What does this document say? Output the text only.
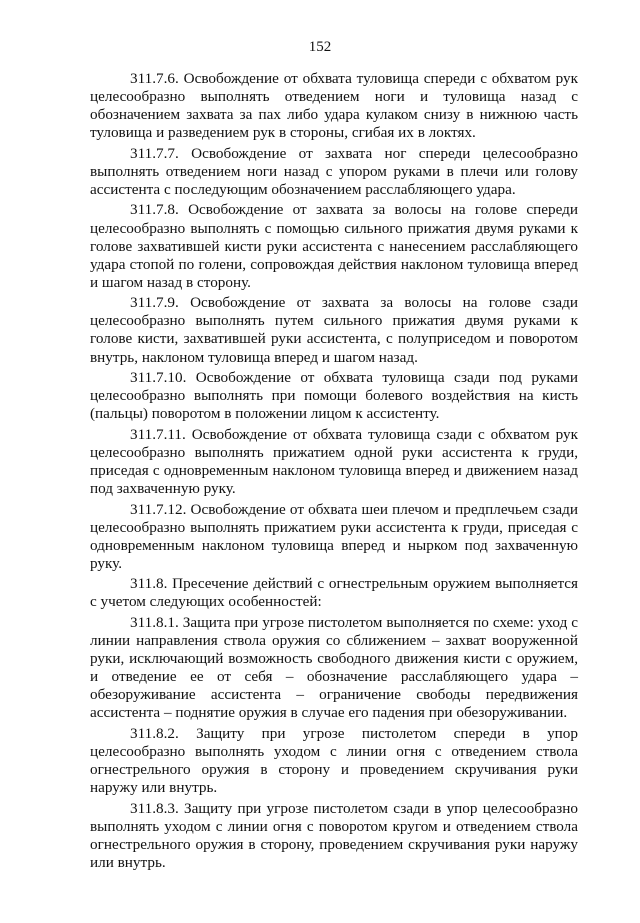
152

311.7.6. Освобождение от обхвата туловища спереди с обхватом рук целесообразно выполнять отведением ноги и туловища назад с обозначением захвата за пах либо удара кулаком снизу в нижнюю часть туловища и разведением рук в стороны, сгибая их в локтях.

311.7.7. Освобождение от захвата ног спереди целесообразно выполнять отведением ноги назад с упором руками в плечи или голову ассистента с последующим обозначением расслабляющего удара.

311.7.8. Освобождение от захвата за волосы на голове спереди целесообразно выполнять с помощью сильного прижатия двумя руками к голове захватившей кисти руки ассистента с нанесением расслабляющего удара стопой по голени, сопровождая действия наклоном туловища вперед и шагом назад в сторону.

311.7.9. Освобождение от захвата за волосы на голове сзади целесообразно выполнять путем сильного прижатия двумя руками к голове кисти, захватившей руки ассистента, с полуприседом и поворотом внутрь, наклоном туловища вперед и шагом назад.

311.7.10. Освобождение от обхвата туловища сзади под руками целесообразно выполнять при помощи болевого воздействия на кисть (пальцы) поворотом в положении лицом к ассистенту.

311.7.11. Освобождение от обхвата туловища сзади с обхватом рук целесообразно выполнять прижатием одной руки ассистента к груди, приседая с одновременным наклоном туловища вперед и движением назад под захваченную руку.

311.7.12. Освобождение от обхвата шеи плечом и предплечьем сзади целесообразно выполнять прижатием руки ассистента к груди, приседая с одновременным наклоном туловища вперед и нырком под захваченную руку.

311.8. Пресечение действий с огнестрельным оружием выполняется с учетом следующих особенностей:

311.8.1. Защита при угрозе пистолетом выполняется по схеме: уход с линии направления ствола оружия со сближением – захват вооруженной руки, исключающий возможность свободного движения кисти с оружием, и отведение ее от себя – обозначение расслабляющего удара – обезоруживание ассистента – ограничение свободы передвижения ассистента – поднятие оружия в случае его падения при обезоруживании.

311.8.2. Защиту при угрозе пистолетом спереди в упор целесообразно выполнять уходом с линии огня с отведением ствола огнестрельного оружия в сторону и проведением скручивания руки наружу или внутрь.

311.8.3. Защиту при угрозе пистолетом сзади в упор целесообразно выполнять уходом с линии огня с поворотом кругом и отведением ствола огнестрельного оружия в сторону, проведением скручивания руки наружу или внутрь.
